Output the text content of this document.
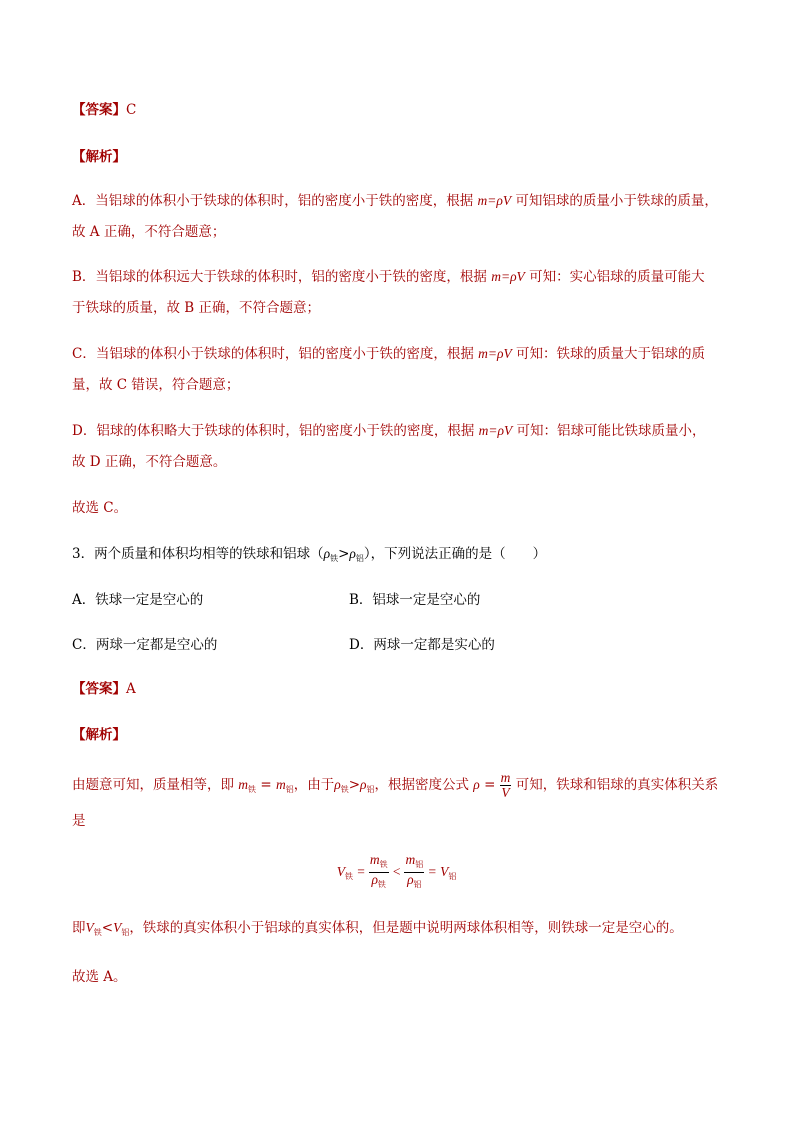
【答案】C
【解析】
A．当铝球的体积小于铁球的体积时，铝的密度小于铁的密度，根据 m=ρV 可知铝球的质量小于铁球的质量，
故 A 正确，不符合题意；
B．当铝球的体积远大于铁球的体积时，铝的密度小于铁的密度，根据 m=ρV 可知：实心铝球的质量可能大
于铁球的质量，故 B 正确，不符合题意；
C．当铝球的体积小于铁球的体积时，铝的密度小于铁的密度，根据 m=ρV 可知：铁球的质量大于铝球的质
量，故 C 错误，符合题意；
D．铝球的体积略大于铁球的体积时，铝的密度小于铁的密度，根据 m=ρV 可知：铝球可能比铁球质量小，
故 D 正确，不符合题意。
故选 C。
3．两个质量和体积均相等的铁球和铝球$(\rho_铁>\rho_铝)$，下列说法正确的是（　　）
A．铁球一定是空心的	B．铝球一定是空心的
C．两球一定都是空心的	D．两球一定都是实心的
【答案】A
【解析】
由题意可知，质量相等，即 $m_铁 = m_铝$，由于$\rho_铁>\rho_铝$，根据密度公式 $\rho = \frac{m}{V}$ 可知，铁球和铝球的真实体积关系
是
$V_铁 = \frac{m_铁}{\rho_铁} < \frac{m_铝}{\rho_铝} = V_铝$
即$V_铁<V_铝$，铁球的真实体积小于铝球的真实体积，但是题中说明两球体积相等，则铁球一定是空心的。
故选 A。
